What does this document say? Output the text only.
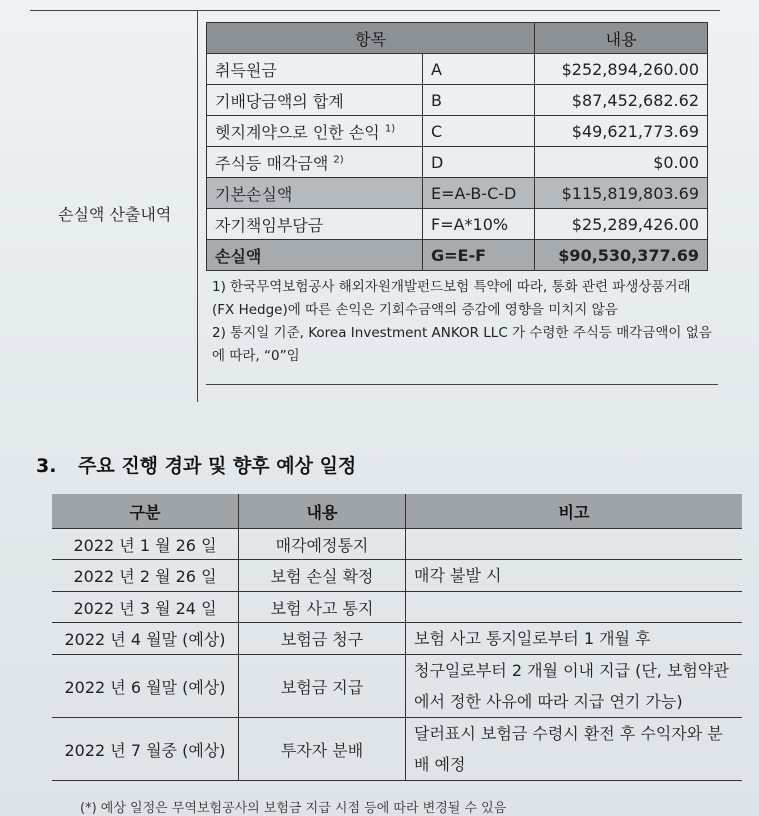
손실액 산출내역
항목		내용
취득원금	A	$252,894,260.00
기배당금액의 합계	B	$87,452,682.62
헷지계약으로 인한 손익 $^{1)}$	C	$49,621,773.69
주식등 매각금액 $^{2)}$	D	$0.00
기본손실액	E=A-B-C-D	$115,819,803.69
자기책임부담금	F=A*10%	$25,289,426.00
손실액	G=E-F	$90,530,377.69
1) 한국무역보험공사 해외자원개발펀드보험 특약에 따라, 통화 관련 파생상품거래(FX Hedge)에 따른 손익은 기회수금액의 증감에 영향을 미치지 않음
2) 통지일 기준, Korea Investment ANKOR LLC 가 수령한 주식등 매각금액이 없음에 따라, “0”임
3. 주요 진행 경과 및 향후 예상 일정
구분	내용	비고
2022 년 1 월 26 일	매각예정통지	
2022 년 2 월 26 일	보험 손실 확정	매각 불발 시
2022 년 3 월 24 일	보험 사고 통지	
2022 년 4 월말 (예상)	보험금 청구	보험 사고 통지일로부터 1 개월 후
2022 년 6 월말 (예상)	보험금 지급	청구일로부터 2 개월 이내 지급 (단, 보험약관에서 정한 사유에 따라 지급 연기 가능)
2022 년 7 월중 (예상)	투자자 분배	달러표시 보험금 수령시 환전 후 수익자와 분배 예정
(*) 예상 일정은 무역보험공사의 보험금 지급 시점 등에 따라 변경될 수 있음
